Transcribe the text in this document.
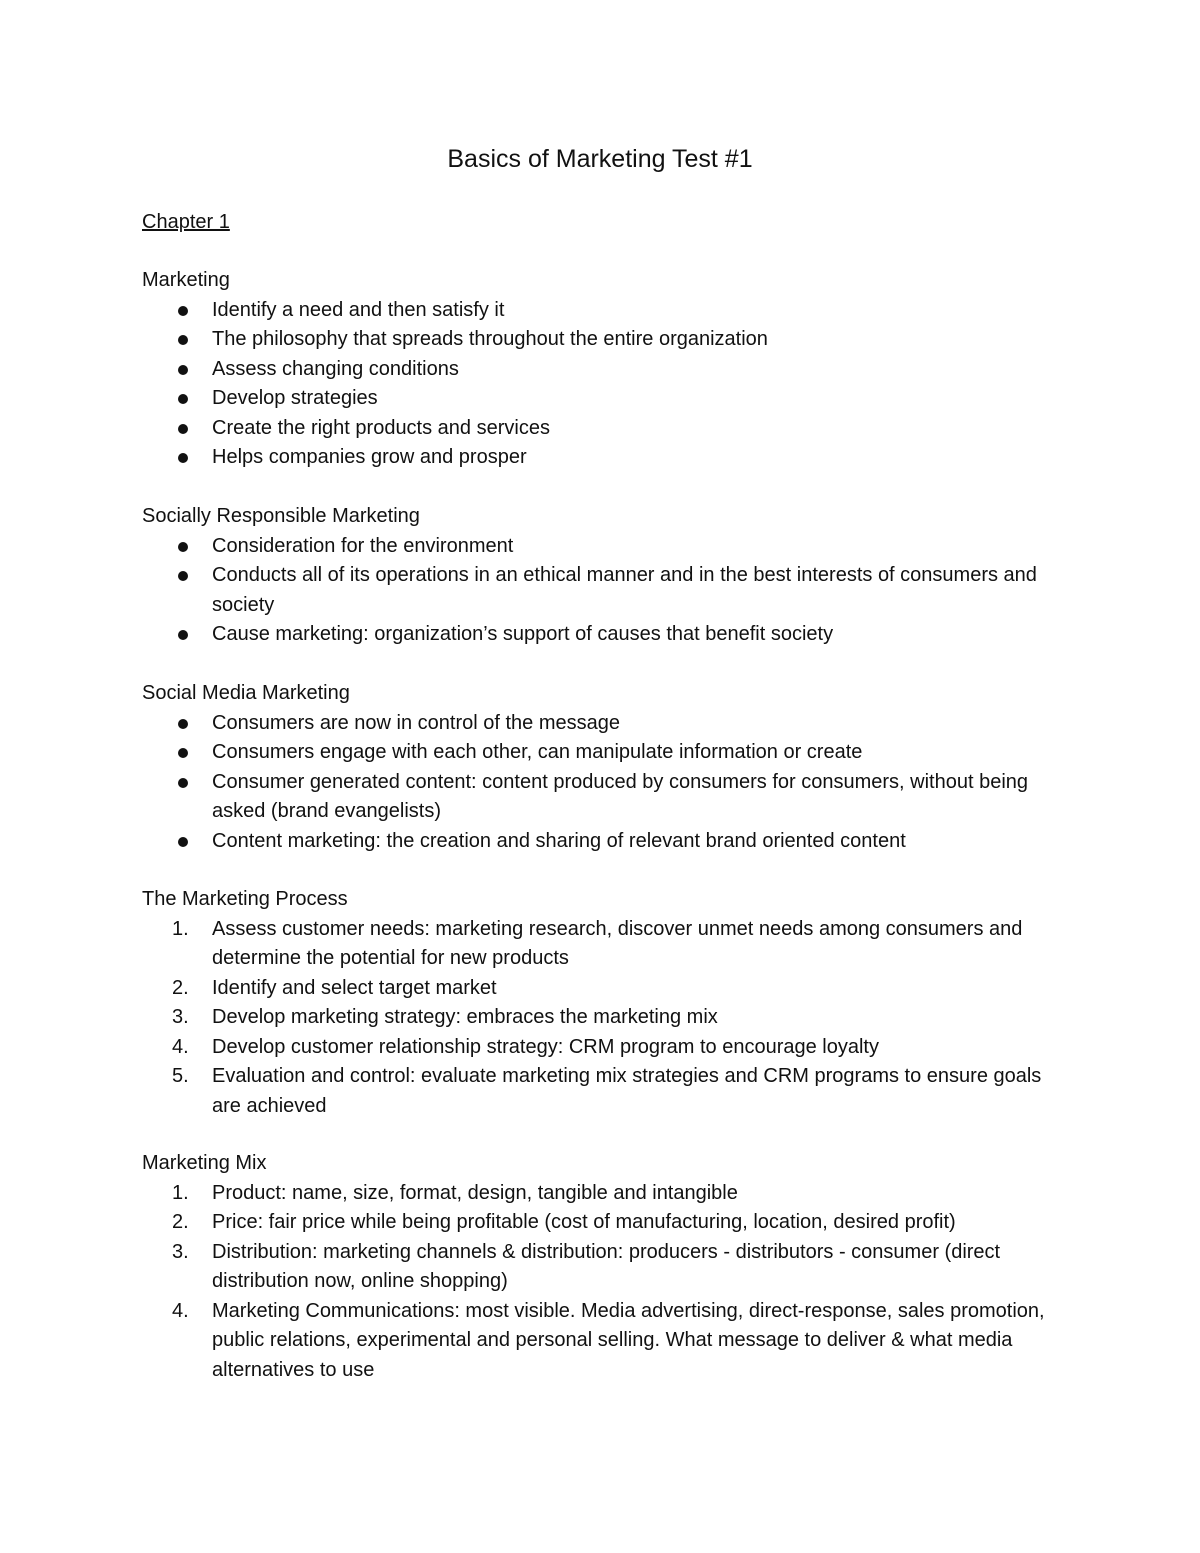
Basics of Marketing Test #1

Chapter 1

Marketing

Identify a need and then satisfy it
The philosophy that spreads throughout the entire organization
Assess changing conditions
Develop strategies
Create the right products and services
Helps companies grow and prosper

Socially Responsible Marketing

Consideration for the environment
Conducts all of its operations in an ethical manner and in the best interests of consumers and society
Cause marketing: organization’s support of causes that benefit society

Social Media Marketing

Consumers are now in control of the message
Consumers engage with each other, can manipulate information or create
Consumer generated content: content produced by consumers for consumers, without being asked (brand evangelists)
Content marketing: the creation and sharing of relevant brand oriented content

The Marketing Process

1.	Assess customer needs: marketing research, discover unmet needs among consumers and determine the potential for new products
2.	Identify and select target market
3.	Develop marketing strategy: embraces the marketing mix
4.	Develop customer relationship strategy: CRM program to encourage loyalty
5.	Evaluation and control: evaluate marketing mix strategies and CRM programs to ensure goals are achieved

Marketing Mix

1.	Product: name, size, format, design, tangible and intangible
2.	Price: fair price while being profitable (cost of manufacturing, location, desired profit)
3.	Distribution: marketing channels & distribution: producers - distributors - consumer (direct distribution now, online shopping)
4.	Marketing Communications: most visible. Media advertising, direct-response, sales promotion, public relations, experimental and personal selling. What message to deliver & what media alternatives to use
